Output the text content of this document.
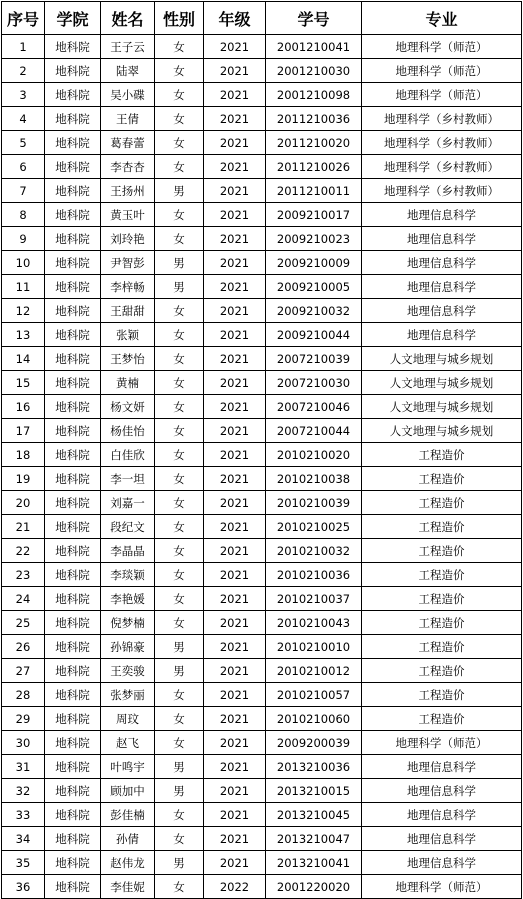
序号	学院	姓名	性别	年级	学号	专业
1	地科院	王子云	女	2021	2001210041	地理科学（师范）
2	地科院	陆翠	女	2021	2001210030	地理科学（师范）
3	地科院	吴小碟	女	2021	2001210098	地理科学（师范）
4	地科院	王倩	女	2021	2011210036	地理科学（乡村教师）
5	地科院	葛春蕾	女	2021	2011210020	地理科学（乡村教师）
6	地科院	李杏杏	女	2021	2011210026	地理科学（乡村教师）
7	地科院	王扬州	男	2021	2011210011	地理科学（乡村教师）
8	地科院	黄玉叶	女	2021	2009210017	地理信息科学
9	地科院	刘玲艳	女	2021	2009210023	地理信息科学
10	地科院	尹智彭	男	2021	2009210009	地理信息科学
11	地科院	李梓畅	男	2021	2009210005	地理信息科学
12	地科院	王甜甜	女	2021	2009210032	地理信息科学
13	地科院	张颖	女	2021	2009210044	地理信息科学
14	地科院	王梦怡	女	2021	2007210039	人文地理与城乡规划
15	地科院	黄楠	女	2021	2007210030	人文地理与城乡规划
16	地科院	杨文妍	女	2021	2007210046	人文地理与城乡规划
17	地科院	杨佳怡	女	2021	2007210044	人文地理与城乡规划
18	地科院	白佳欣	女	2021	2010210020	工程造价
19	地科院	李一坦	女	2021	2010210038	工程造价
20	地科院	刘嘉一	女	2021	2010210039	工程造价
21	地科院	段纪文	女	2021	2010210025	工程造价
22	地科院	李晶晶	女	2021	2010210032	工程造价
23	地科院	李琰颖	女	2021	2010210036	工程造价
24	地科院	李艳媛	女	2021	2010210037	工程造价
25	地科院	倪梦楠	女	2021	2010210043	工程造价
26	地科院	孙锦豪	男	2021	2010210010	工程造价
27	地科院	王奕骏	男	2021	2010210012	工程造价
28	地科院	张梦丽	女	2021	2010210057	工程造价
29	地科院	周玟	女	2021	2010210060	工程造价
30	地科院	赵飞	女	2021	2009200039	地理科学（师范）
31	地科院	叶鸣宇	男	2021	2013210036	地理信息科学
32	地科院	顾加中	男	2021	2013210015	地理信息科学
33	地科院	彭佳楠	女	2021	2013210045	地理信息科学
34	地科院	孙倩	女	2021	2013210047	地理信息科学
35	地科院	赵伟龙	男	2021	2013210041	地理信息科学
36	地科院	李佳妮	女	2022	2001220020	地理科学（师范）
